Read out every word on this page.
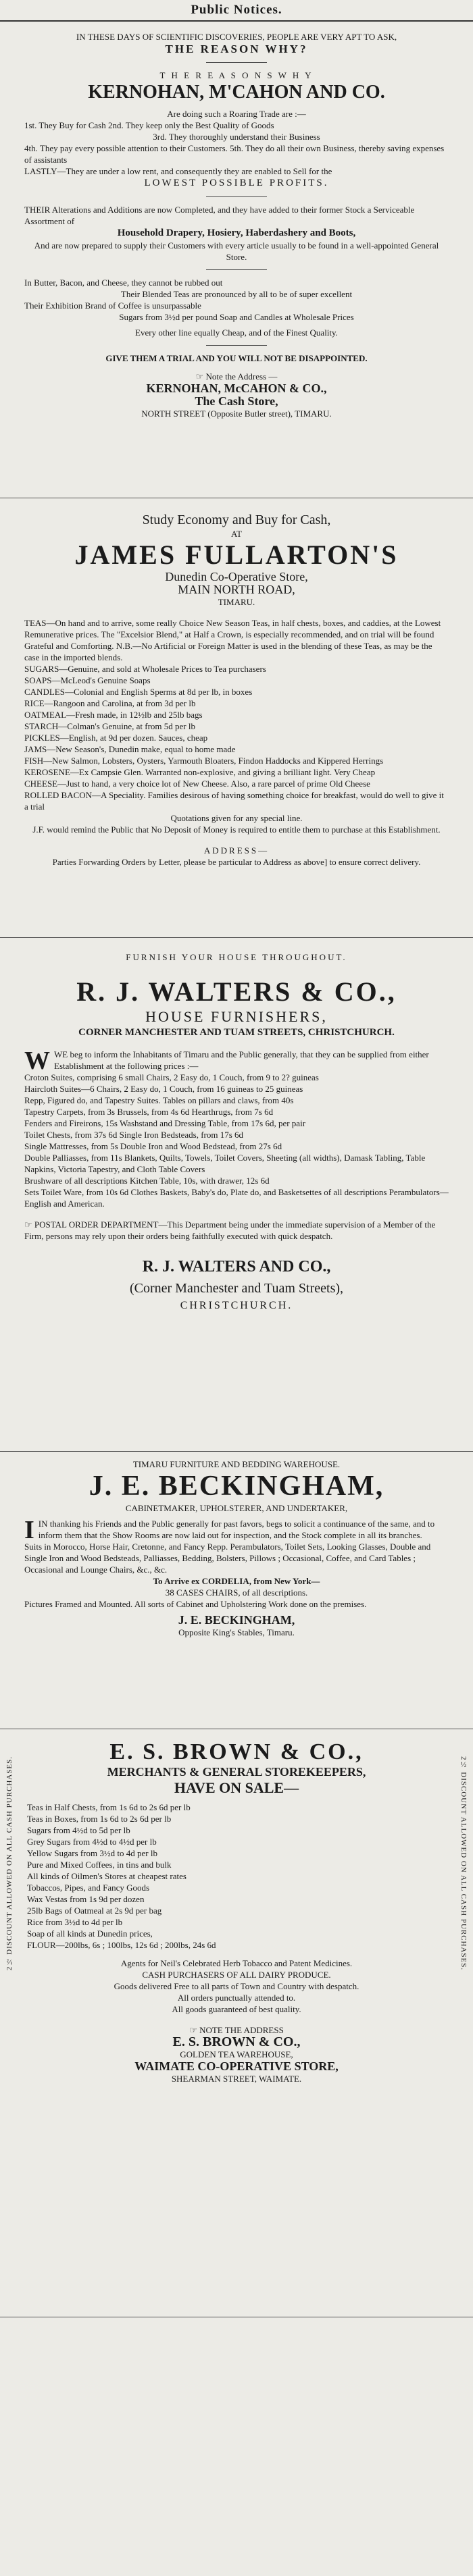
Public Notices.

IN THESE DAYS OF SCIENTIFIC DISCOVERIES, PEOPLE ARE VERY APT TO ASK,

THE REASON WHY?

T H E R E A S O N S W H Y

KERNOHAN, M'CAHON AND CO.

Are doing such a Roaring Trade are :—

1st. They Buy for Cash 2nd. They keep only the Best Quality of Goods

3rd. They thoroughly understand their Business

4th. They pay every possible attention to their Customers. 5th. They do all their own Business, thereby saving expenses of assistants

LASTLY—They are under a low rent, and consequently they are enabled to Sell for the

LOWEST POSSIBLE PROFITS.

THEIR Alterations and Additions are now Completed, and they have added to their former Stock a Serviceable Assortment of

Household Drapery, Hosiery, Haberdashery and Boots,

And are now prepared to supply their Customers with every article usually to be found in a well-appointed General Store.

In Butter, Bacon, and Cheese, they cannot be rubbed out

Their Blended Teas are pronounced by all to be of super excellent

Their Exhibition Brand of Coffee is unsurpassable

Sugars from 3½d per pound Soap and Candles at Wholesale Prices

Every other line equally Cheap, and of the Finest Quality.

GIVE THEM A TRIAL AND YOU WILL NOT BE DISAPPOINTED.

☞ Note the Address —

KERNOHAN, McCAHON & CO.,

The Cash Store,

NORTH STREET (Opposite Butler street), TIMARU.

Study Economy and Buy for Cash,

AT

JAMES FULLARTON'S

Dunedin Co-Operative Store,

MAIN NORTH ROAD,

TIMARU.

TEAS—On hand and to arrive, some really Choice New Season Teas, in half chests, boxes, and caddies, at the Lowest Remunerative prices. The "Excelsior Blend," at Half a Crown, is especially recommended, and on trial will be found Grateful and Comforting. N.B.—No Artificial or Foreign Matter is used in the blending of these Teas, as may be the case in the imported blends.

SUGARS—Genuine, and sold at Wholesale Prices to Tea purchasers

SOAPS—McLeod's Genuine Soaps

CANDLES—Colonial and English Sperms at 8d per lb, in boxes

RICE—Rangoon and Carolina, at from 3d per lb

OATMEAL—Fresh made, in 12½lb and 25lb bags

STARCH—Colman's Genuine, at from 5d per lb

PICKLES—English, at 9d per dozen. Sauces, cheap

JAMS—New Season's, Dunedin make, equal to home made

FISH—New Salmon, Lobsters, Oysters, Yarmouth Bloaters, Findon Haddocks and Kippered Herrings

KEROSENE—Ex Campsie Glen. Warranted non-explosive, and giving a brilliant light. Very Cheap

CHEESE—Just to hand, a very choice lot of New Cheese. Also, a rare parcel of prime Old Cheese

ROLLED BACON—A Speciality. Families desirous of having something choice for breakfast, would do well to give it a trial

Quotations given for any special line.

J.F. would remind the Public that No Deposit of Money is required to entitle them to purchase at this Establishment.

ADDRESS—

Parties Forwarding Orders by Letter, please be particular to Address as above] to ensure correct delivery.

FURNISH YOUR HOUSE THROUGHOUT.

R. J. WALTERS & CO.,

HOUSE FURNISHERS,

CORNER MANCHESTER AND TUAM STREETS, CHRISTCHURCH.

WWE beg to inform the Inhabitants of Timaru and the Public generally, that they can be supplied from either Establishment at the following prices :—

Croton Suites, comprising 6 small Chairs, 2 Easy do, 1 Couch, from 9 to 2? guineas

Haircloth Suites—6 Chairs, 2 Easy do, 1 Couch, from 16 guineas to 25 guineas

Repp, Figured do, and Tapestry Suites. Tables on pillars and claws, from 40s

Tapestry Carpets, from 3s Brussels, from 4s 6d Hearthrugs, from 7s 6d

Fenders and Fireirons, 15s Washstand and Dressing Table, from 17s 6d, per pair

Toilet Chests, from 37s 6d Single Iron Bedsteads, from 17s 6d

Single Mattresses, from 5s Double Iron and Wood Bedstead, from 27s 6d

Double Palliasses, from 11s Blankets, Quilts, Towels, Toilet Covers, Sheeting (all widths), Damask Tabling, Table Napkins, Victoria Tapestry, and Cloth Table Covers

Brushware of all descriptions Kitchen Table, 10s, with drawer, 12s 6d

Sets Toilet Ware, from 10s 6d Clothes Baskets, Baby's do, Plate do, and Basketsettes of all descriptions Perambulators—English and American.

☞ POSTAL ORDER DEPARTMENT—This Department being under the immediate supervision of a Member of the Firm, persons may rely upon their orders being faithfully executed with quick despatch.

R. J. WALTERS AND CO.,

(Corner Manchester and Tuam Streets),

CHRISTCHURCH.

TIMARU FURNITURE AND BEDDING WAREHOUSE.

J. E. BECKINGHAM,

CABINETMAKER, UPHOLSTERER, AND UNDERTAKER,

IIN thanking his Friends and the Public generally for past favors, begs to solicit a continuance of the same, and to inform them that the Show Rooms are now laid out for inspection, and the Stock complete in all its branches.

Suits in Morocco, Horse Hair, Cretonne, and Fancy Repp. Perambulators, Toilet Sets, Looking Glasses, Double and Single Iron and Wood Bedsteads, Palliasses, Bedding, Bolsters, Pillows ; Occasional, Coffee, and Card Tables ; Occasional and Lounge Chairs, &c., &c.

To Arrive ex CORDELIA, from New York—

38 CASES CHAIRS, of all descriptions.

Pictures Framed and Mounted. All sorts of Cabinet and Upholstering Work done on the premises.

J. E. BECKINGHAM,

Opposite King's Stables, Timaru.

2½ DISCOUNT ALLOWED ON ALL CASH PURCHASES.	2½ DISCOUNT ALLOWED ON ALL CASH PURCHASES.

E. S. BROWN & CO.,

MERCHANTS & GENERAL STOREKEEPERS,

HAVE ON SALE—

Teas in Half Chests, from 1s 6d to 2s 6d per lb

Teas in Boxes, from 1s 6d to 2s 6d per lb

Sugars from 4½d to 5d per lb

Grey Sugars from 4½d to 4½d per lb

Yellow Sugars from 3½d to 4d per lb

Pure and Mixed Coffees, in tins and bulk

All kinds of Oilmen's Stores at cheapest rates

Tobaccos, Pipes, and Fancy Goods

Wax Vestas from 1s 9d per dozen

25lb Bags of Oatmeal at 2s 9d per bag

Rice from 3½d to 4d per lb

Soap of all kinds at Dunedin prices,

FLOUR—200lbs, 6s ; 100lbs, 12s 6d ; 200lbs, 24s 6d

Agents for Neil's Celebrated Herb Tobacco and Patent Medicines.

CASH PURCHASERS OF ALL DAIRY PRODUCE.

Goods delivered Free to all parts of Town and Country with despatch.

All orders punctually attended to.

All goods guaranteed of best quality.

☞ NOTE THE ADDRESS

E. S. BROWN & CO.,

GOLDEN TEA WAREHOUSE,

WAIMATE CO-OPERATIVE STORE,

SHEARMAN STREET, WAIMATE.
